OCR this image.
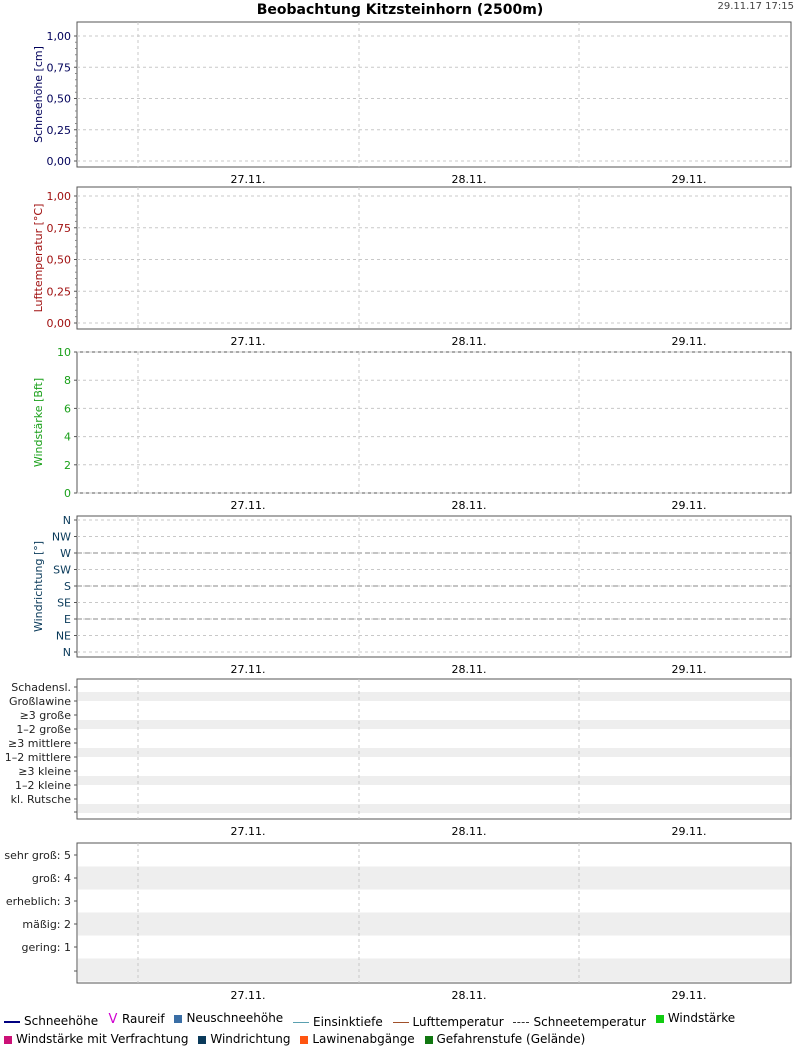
Beobachtung Kitzsteinhorn (2500m)	29.11.17 17:15
0,00
0,25
0,50
0,75
1,00
27.11.	28.11.	29.11.
Schneehöhe [cm]
0,00
0,25
0,50
0,75
1,00
27.11.	28.11.	29.11.
Lufttemperatur [°C]
0
2
4
6
8
10
27.11.	28.11.	29.11.
Windstärke [Bft]
N
NE
E
SE
S
SW
W
NW
N
27.11.	28.11.	29.11.
Windrichtung [°]
kl. Rutsche
1–2 kleine
≥3 kleine
1–2 mittlere
≥3 mittlere
1–2 große
≥3 große
Großlawine
Schadensl.
27.11.	28.11.	29.11.
gering: 1
mäßig: 2
erheblich: 3
groß: 4
sehr groß: 5
27.11.	28.11.	29.11.
Schneehöhe
V Raureif
Neuschneehöhe
Einsinktiefe
Lufttemperatur
Schneetemperatur
Windstärke
Windstärke mit Verfrachtung
Windrichtung
Lawinenabgänge
Gefahrenstufe (Gelände)
